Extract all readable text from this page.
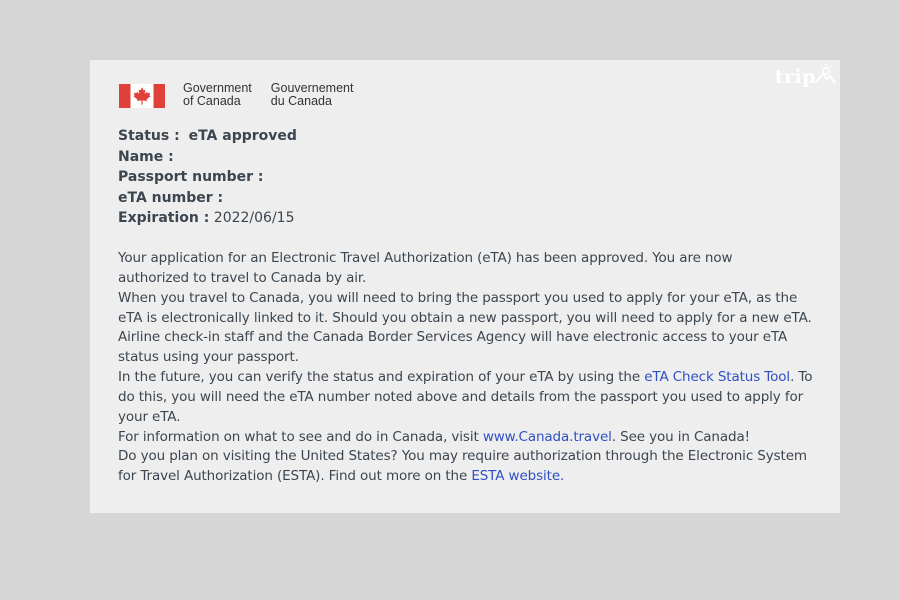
Government
of Canada
Gouvernement
du Canada
trip
Status : eTA approved
Name :
Passport number :
eTA number :
Expiration : 2022/06/15
Your application for an Electronic Travel Authorization (eTA) has been approved. You are now
authorized to travel to Canada by air.
When you travel to Canada, you will need to bring the passport you used to apply for your eTA, as the
eTA is electronically linked to it. Should you obtain a new passport, you will need to apply for a new eTA.
Airline check-in staff and the Canada Border Services Agency will have electronic access to your eTA
status using your passport.
In the future, you can verify the status and expiration of your eTA by using the eTA Check Status Tool. To
do this, you will need the eTA number noted above and details from the passport you used to apply for
your eTA.
For information on what to see and do in Canada, visit www.Canada.travel. See you in Canada!
Do you plan on visiting the United States? You may require authorization through the Electronic System
for Travel Authorization (ESTA). Find out more on the ESTA website.
